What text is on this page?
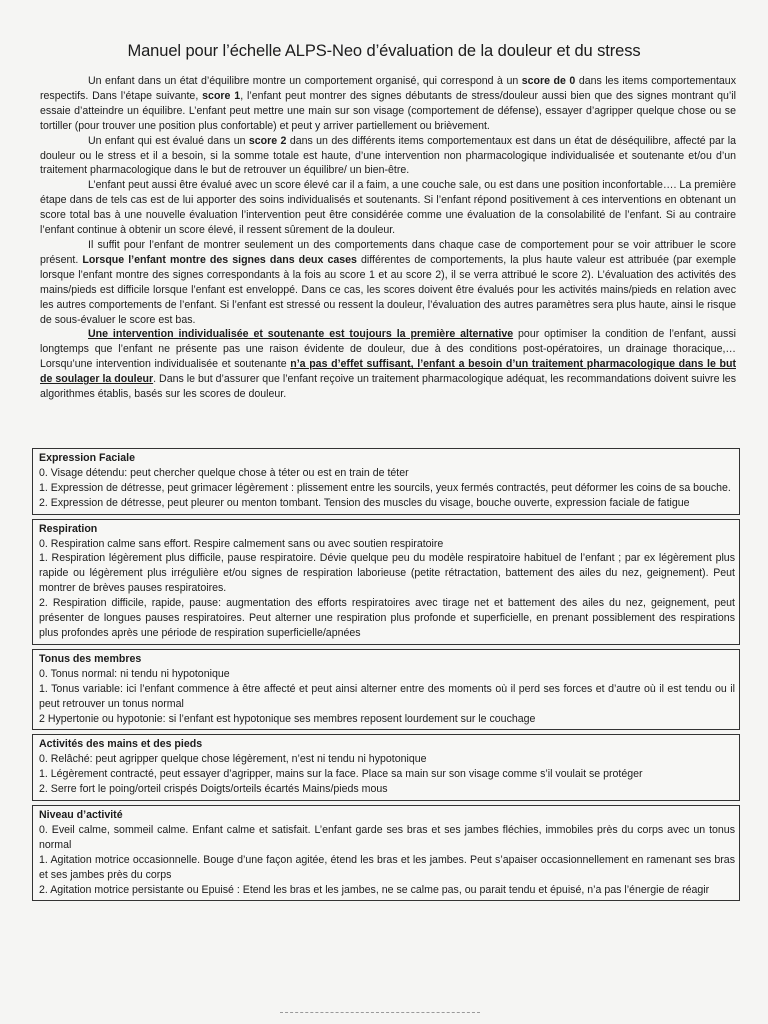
Manuel pour l’échelle ALPS-Neo d’évaluation de la douleur et du stress

Un enfant dans un état d’équilibre montre un comportement organisé, qui correspond à un score de 0 dans les items comportementaux respectifs. Dans l’étape suivante, score 1, l’enfant peut montrer des signes débutants de stress/douleur aussi bien que des signes montrant qu’il essaie d’atteindre un équilibre. L’enfant peut mettre une main sur son visage (comportement de défense), essayer d’agripper quelque chose ou se tortiller (pour trouver une position plus confortable) et peut y arriver partiellement ou brièvement.

Un enfant qui est évalué dans un score 2 dans un des différents items comportementaux est dans un état de déséquilibre, affecté par la douleur ou le stress et il a besoin, si la somme totale est haute, d’une intervention non pharmacologique individualisée et soutenante et/ou d’un traitement pharmacologique dans le but de retrouver un équilibre/ un bien-être.

L’enfant peut aussi être évalué avec un score élevé car il a faim, a une couche sale, ou est dans une position inconfortable…. La première étape dans de tels cas est de lui apporter des soins individualisés et soutenants. Si l’enfant répond positivement à ces interventions en obtenant un score total bas à une nouvelle évaluation l’intervention peut être considérée comme une évaluation de la consolabilité de l’enfant. Si au contraire l’enfant continue à obtenir un score élevé, il ressent sûrement de la douleur.

Il suffit pour l’enfant de montrer seulement un des comportements dans chaque case de comportement pour se voir attribuer le score présent. Lorsque l’enfant montre des signes dans deux cases différentes de comportements, la plus haute valeur est attribuée (par exemple lorsque l’enfant montre des signes correspondants à la fois au score 1 et au score 2), il se verra attribué le score 2). L’évaluation des activités des mains/pieds est difficile lorsque l’enfant est enveloppé. Dans ce cas, les scores doivent être évalués pour les activités mains/pieds en relation avec les autres comportements de l’enfant. Si l’enfant est stressé ou ressent la douleur, l’évaluation des autres paramètres sera plus haute, ainsi le risque de sous-évaluer le score est bas.

Une intervention individualisée et soutenante est toujours la première alternative pour optimiser la condition de l’enfant, aussi longtemps que l’enfant ne présente pas une raison évidente de douleur, due à des conditions post-opératoires, un drainage thoracique,… Lorsqu’une intervention individualisée et soutenante n’a pas d’effet suffisant, l’enfant a besoin d’un traitement pharmacologique dans le but de soulager la douleur. Dans le but d’assurer que l’enfant reçoive un traitement pharmacologique adéquat, les recommandations doivent suivre les algorithmes établis, basés sur les scores de douleur.

Expression Faciale
0. Visage détendu: peut chercher quelque chose à téter ou est en train de téter
1. Expression de détresse, peut grimacer légèrement : plissement entre les sourcils, yeux fermés contractés, peut déformer les coins de sa bouche.
2. Expression de détresse, peut pleurer ou menton tombant. Tension des muscles du visage, bouche ouverte, expression faciale de fatigue
Respiration
0. Respiration calme sans effort. Respire calmement sans ou avec soutien respiratoire
1. Respiration légèrement plus difficile, pause respiratoire. Dévie quelque peu du modèle respiratoire habituel de l’enfant ; par ex légèrement plus rapide ou légèrement plus irrégulière et/ou signes de respiration laborieuse (petite rétractation, battement des ailes du nez, geignement). Peut montrer de brèves pauses respiratoires.
2. Respiration difficile, rapide, pause: augmentation des efforts respiratoires avec tirage net et battement des ailes du nez, geignement, peut présenter de longues pauses respiratoires. Peut alterner une respiration plus profonde et superficielle, en prenant possiblement des respirations plus profondes après une période de respiration superficielle/apnées
Tonus des membres
0. Tonus normal: ni tendu ni hypotonique
1. Tonus variable: ici l’enfant commence à être affecté et peut ainsi alterner entre des moments où il perd ses forces et d’autre où il est tendu ou il peut retrouver un tonus normal
2 Hypertonie ou hypotonie: si l’enfant est hypotonique ses membres reposent lourdement sur le couchage
Activités des mains et des pieds
0. Relâché: peut agripper quelque chose légèrement, n’est ni tendu ni hypotonique
1. Légèrement contracté, peut essayer d’agripper, mains sur la face. Place sa main sur son visage comme s’il voulait se protéger
2. Serre fort le poing/orteil crispés Doigts/orteils écartés Mains/pieds mous
Niveau d’activité
0. Eveil calme, sommeil calme. Enfant calme et satisfait. L’enfant garde ses bras et ses jambes fléchies, immobiles près du corps avec un tonus normal
1. Agitation motrice occasionnelle. Bouge d’une façon agitée, étend les bras et les jambes. Peut s’apaiser occasionnellement en ramenant ses bras et ses jambes près du corps
2. Agitation motrice persistante ou Epuisé : Etend les bras et les jambes, ne se calme pas, ou parait tendu et épuisé, n’a pas l’énergie de réagir
